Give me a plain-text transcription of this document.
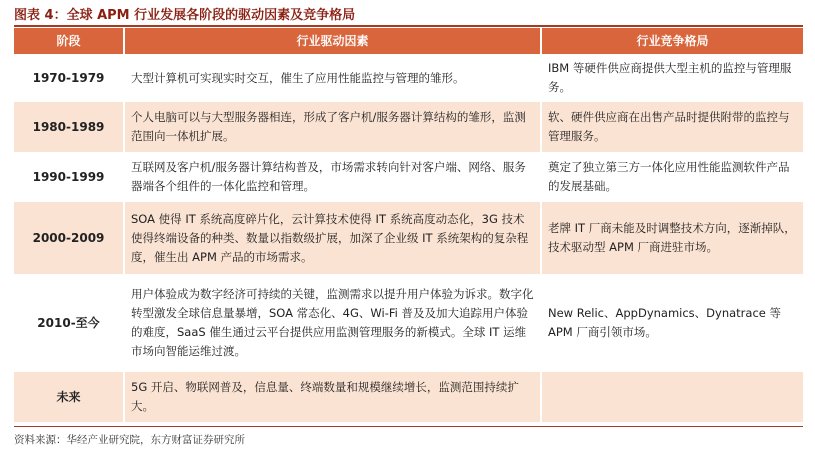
图表 4：全球 APM 行业发展各阶段的驱动因素及竞争格局
阶段	行业驱动因素	行业竞争格局
1970-1979	大型计算机可实现实时交互，催生了应用性能监控与管理的雏形。	IBM 等硬件供应商提供大型主机的监控与管理服务。
1980-1989	个人电脑可以与大型服务器相连，形成了客户机/服务器计算结构的雏形，监测范围向一体机扩展。	软、硬件供应商在出售产品时提供附带的监控与管理服务。
1990-1999	互联网及客户机/服务器计算结构普及，市场需求转向针对客户端、网络、服务器端各个组件的一体化监控和管理。	奠定了独立第三方一体化应用性能监测软件产品的发展基础。
2000-2009	SOA 使得 IT 系统高度碎片化，云计算技术使得 IT 系统高度动态化，3G 技术使得终端设备的种类、数量以指数级扩展，加深了企业级 IT 系统架构的复杂程度，催生出 APM 产品的市场需求。	老牌 IT 厂商未能及时调整技术方向，逐渐掉队，技术驱动型 APM 厂商进驻市场。
2010-至今	用户体验成为数字经济可持续的关键，监测需求以提升用户体验为诉求。数字化转型激发全球信息量暴增，SOA 常态化、4G、Wi-Fi 普及及加大追踪用户体验的难度，SaaS 催生通过云平台提供应用监测管理服务的新模式。全球 IT 运维市场向智能运维过渡。	New Relic、AppDynamics、Dynatrace 等 APM 厂商引领市场。
未来	5G 开启、物联网普及，信息量、终端数量和规模继续增长，监测范围持续扩大。	
资料来源：华经产业研究院，东方财富证券研究所
